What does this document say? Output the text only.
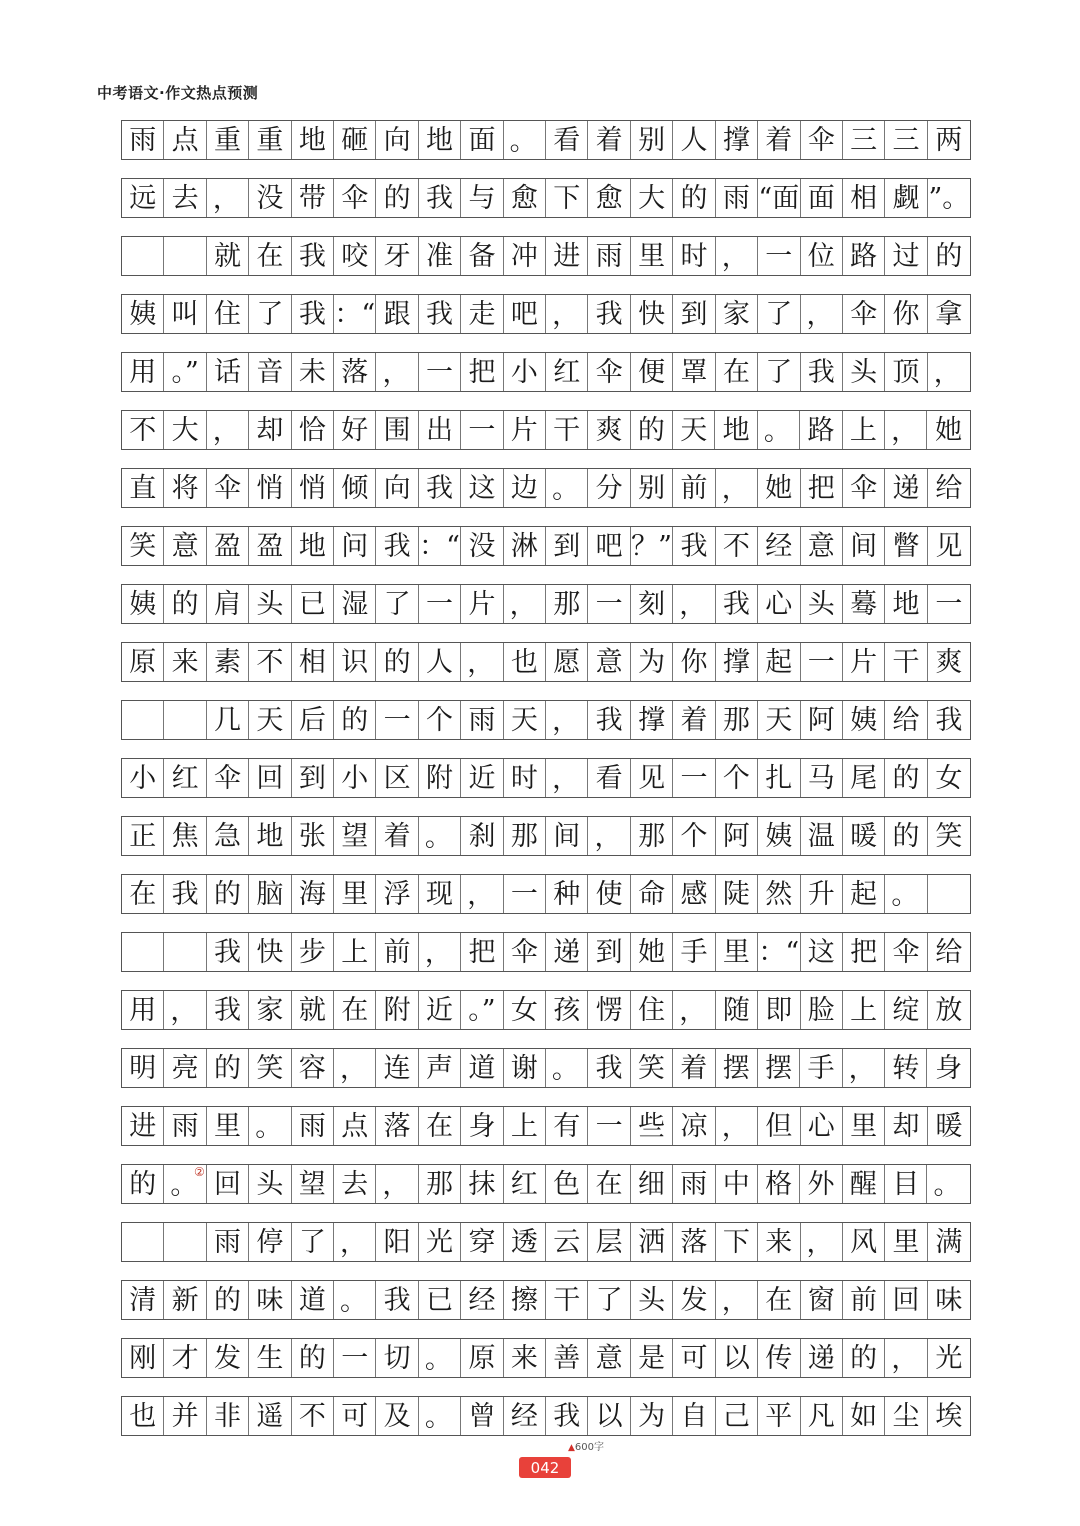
中考语文·作文热点预测
雨 点 重 重 地 砸 向 地 面 。 看 着 别 人 撑 着 伞 三 三 两
远 去 ， 没 带 伞 的 我 与 愈 下 愈 大 的 雨 “面 面 相 觑 ”。
就 在 我 咬 牙 准 备 冲 进 雨 里 时 ， 一 位 路 过 的
姨 叫 住 了 我 ：“ 跟 我 走 吧 ， 我 快 到 家 了 ， 伞 你 拿
用 。” 话 音 未 落 ， 一 把 小 红 伞 便 罩 在 了 我 头 顶 ，
不 大 ， 却 恰 好 围 出 一 片 干 爽 的 天 地 。 路 上 ， 她
直 将 伞 悄 悄 倾 向 我 这 边 。 分 别 前 ， 她 把 伞 递 给
笑 意 盈 盈 地 问 我 ：“ 没 淋 到 吧 ？” 我 不 经 意 间 瞥 见
姨 的 肩 头 已 湿 了 一 片 ， 那 一 刻 ， 我 心 头 蓦 地 一
原 来 素 不 相 识 的 人 ， 也 愿 意 为 你 撑 起 一 片 干 爽
几 天 后 的 一 个 雨 天 ， 我 撑 着 那 天 阿 姨 给 我
小 红 伞 回 到 小 区 附 近 时 ， 看 见 一 个 扎 马 尾 的 女
正 焦 急 地 张 望 着 。 刹 那 间 ， 那 个 阿 姨 温 暖 的 笑
在 我 的 脑 海 里 浮 现 ， 一 种 使 命 感 陡 然 升 起 。
我 快 步 上 前 ， 把 伞 递 到 她 手 里 ：“ 这 把 伞 给
用 ， 我 家 就 在 附 近 。” 女 孩 愣 住 ， 随 即 脸 上 绽 放
明 亮 的 笑 容 ， 连 声 道 谢 。 我 笑 着 摆 摆 手 ， 转 身
进 雨 里 。 雨 点 落 在 身 上 有 一 些 凉 ， 但 心 里 却 暖
的 。
② 回 头 望 去 ， 那 抹 红 色 在 细 雨 中 格 外 醒 目 。
雨 停 了 ， 阳 光 穿 透 云 层 洒 落 下 来 ， 风 里 满
清 新 的 味 道 。 我 已 经 擦 干 了 头 发 ， 在 窗 前 回 味
刚 才 发 生 的 一 切 。 原 来 善 意 是 可 以 传 递 的 ， 光
也 并 非 遥 不 可 及 。 曾 经 我 以 为 自 己 平 凡 如 尘 埃
▲600字
042
